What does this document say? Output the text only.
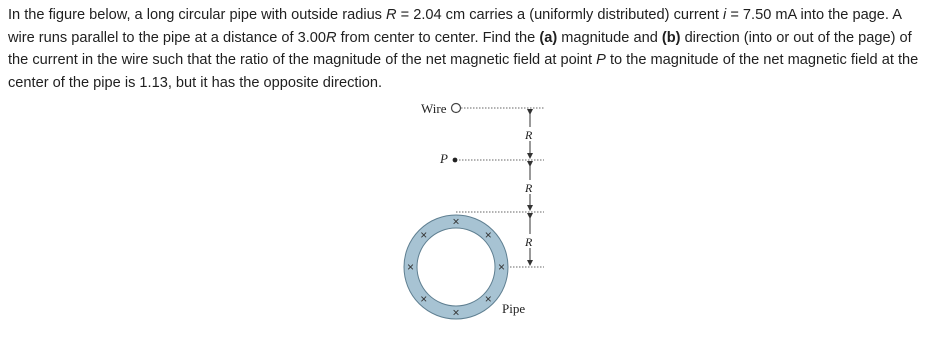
In the figure below, a long circular pipe with outside radius R = 2.04 cm carries a (uniformly distributed) current i = 7.50 mA into the page. A wire runs parallel to the pipe at a distance of 3.00R from center to center. Find the (a) magnitude and (b) direction (into or out of the page) of the current in the wire such that the ratio of the magnitude of the net magnetic field at point P to the magnitude of the net magnetic field at the center of the pipe is 1.13, but it has the opposite direction.
Wire
P
R
R
R
×
×
×
×
×
×
×
×
Pipe
